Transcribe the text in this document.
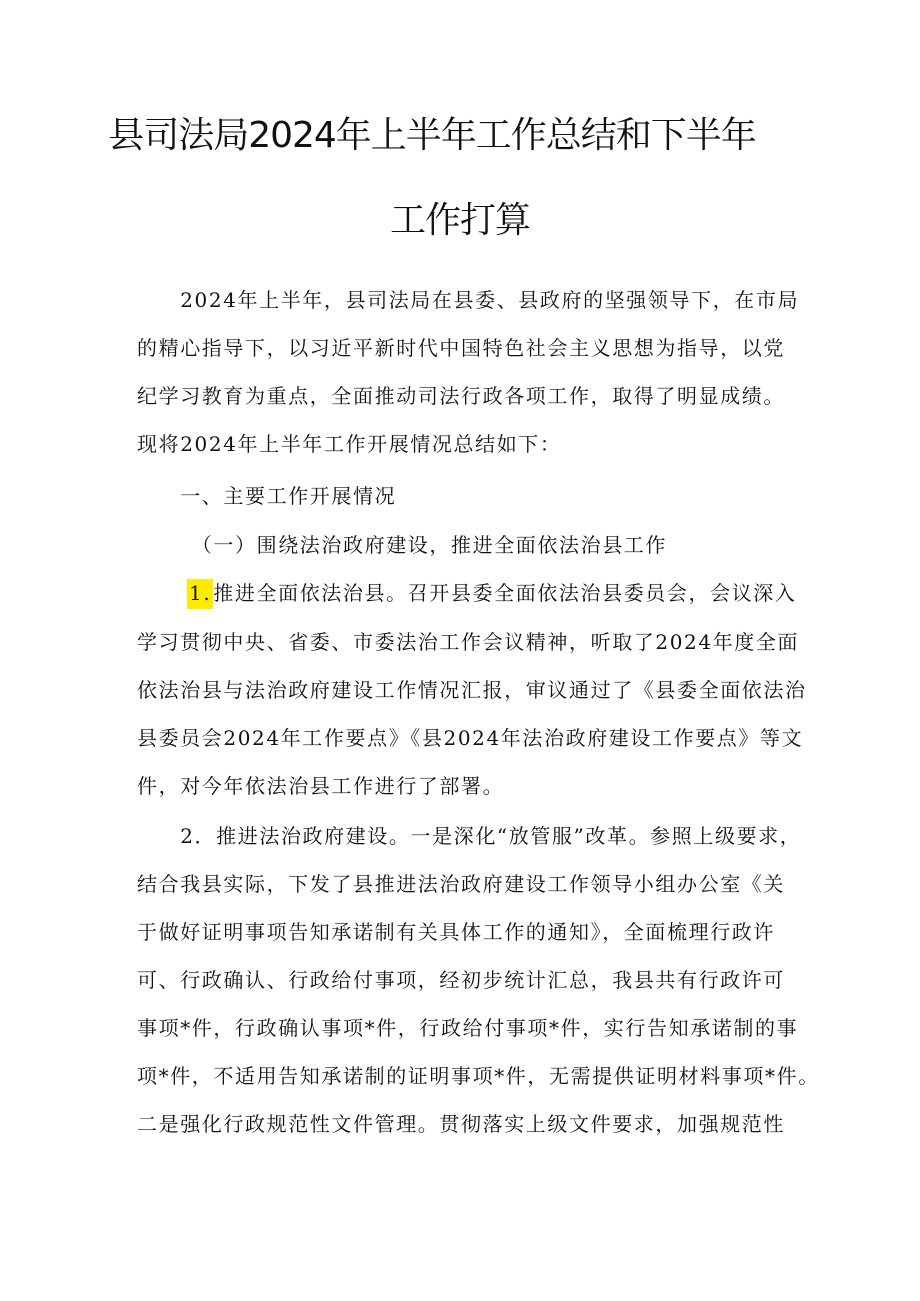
县司法局2024年上半年工作总结和下半年
工作打算
　　2024年上半年，县司法局在县委、县政府的坚强领导下，在市局
的精心指导下，以习近平新时代中国特色社会主义思想为指导，以党
纪学习教育为重点，全面推动司法行政各项工作，取得了明显成绩。
现将2024年上半年工作开展情况总结如下：
　　一、主要工作开展情况
　　　（一）围绕法治政府建设，推进全面依法治县工作
1. 推进全面依法治县。召开县委全面依法治县委员会，会议深入
学习贯彻中央、省委、市委法治工作会议精神，听取了2024年度全面
依法治县与法治政府建设工作情况汇报，审议通过了《县委全面依法治
县委员会2024年工作要点》《县2024年法治政府建设工作要点》等文
件，对今年依法治县工作进行了部署。
　　2．推进法治政府建设。一是深化“放管服”改革。参照上级要求，
结合我县实际，下发了县推进法治政府建设工作领导小组办公室《关
于做好证明事项告知承诺制有关具体工作的通知》，全面梳理行政许
可、行政确认、行政给付事项，经初步统计汇总，我县共有行政许可
事项*件，行政确认事项*件，行政给付事项*件，实行告知承诺制的事
项*件，不适用告知承诺制的证明事项*件，无需提供证明材料事项*件。
二是强化行政规范性文件管理。贯彻落实上级文件要求，加强规范性
